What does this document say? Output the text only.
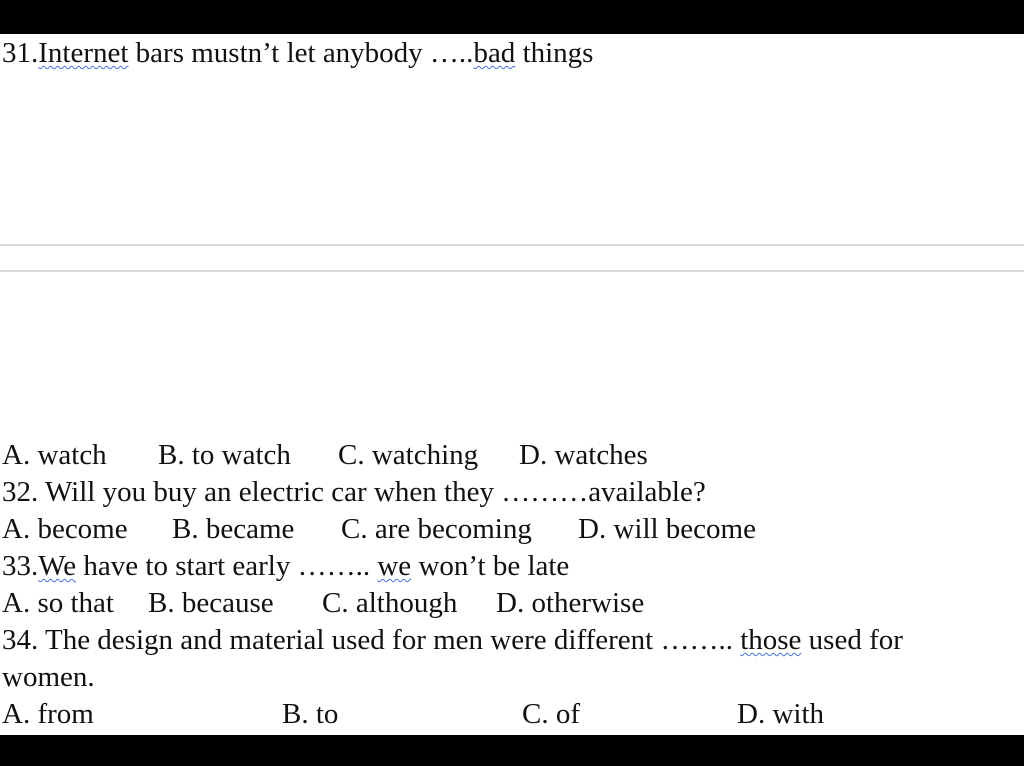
31.Internet bars mustn’t let anybody …..bad things
A. watch B. to watch C. watching D. watches
32. Will you buy an electric car when they ………available?
A. become B. became C. are becoming D. will become
33.We have to start early …….. we won’t be late
A. so that B. because C. although D. otherwise
34. The design and material used for men were different …….. those used for
women.
A. from	B. to	C. of	D. with
